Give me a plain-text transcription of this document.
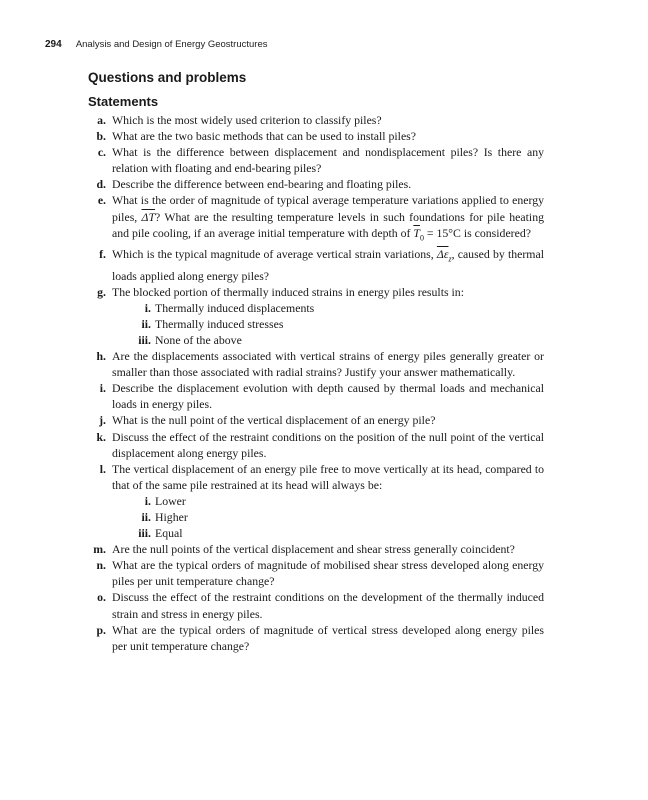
294 Analysis and Design of Energy Geostructures
Questions and problems
Statements
a. Which is the most widely used criterion to classify piles?
b. What are the two basic methods that can be used to install piles?
c. What is the difference between displacement and nondisplacement piles? Is there any relation with floating and end-bearing piles?
d. Describe the difference between end-bearing and floating piles.
e. What is the order of magnitude of typical average temperature variations applied to energy piles, $\overline{\Delta T}$? What are the resulting temperature levels in such foundations for pile heating and pile cooling, if an average initial temperature with depth of $\overline{T}_0 = 15^\circ C$ is considered?
f. Which is the typical magnitude of average vertical strain variations, $\overline{\Delta\varepsilon}_z$, caused by thermal loads applied along energy piles?
g. The blocked portion of thermally induced strains in energy piles results in:
i. Thermally induced displacements
ii. Thermally induced stresses
iii. None of the above
h. Are the displacements associated with vertical strains of energy piles generally greater or smaller than those associated with radial strains? Justify your answer mathematically.
i. Describe the displacement evolution with depth caused by thermal loads and mechanical loads in energy piles.
j. What is the null point of the vertical displacement of an energy pile?
k. Discuss the effect of the restraint conditions on the position of the null point of the vertical displacement along energy piles.
l. The vertical displacement of an energy pile free to move vertically at its head, compared to that of the same pile restrained at its head will always be:
i. Lower
ii. Higher
iii. Equal
m. Are the null points of the vertical displacement and shear stress generally coincident?
n. What are the typical orders of magnitude of mobilised shear stress developed along energy piles per unit temperature change?
o. Discuss the effect of the restraint conditions on the development of the thermally induced strain and stress in energy piles.
p. What are the typical orders of magnitude of vertical stress developed along energy piles per unit temperature change?
